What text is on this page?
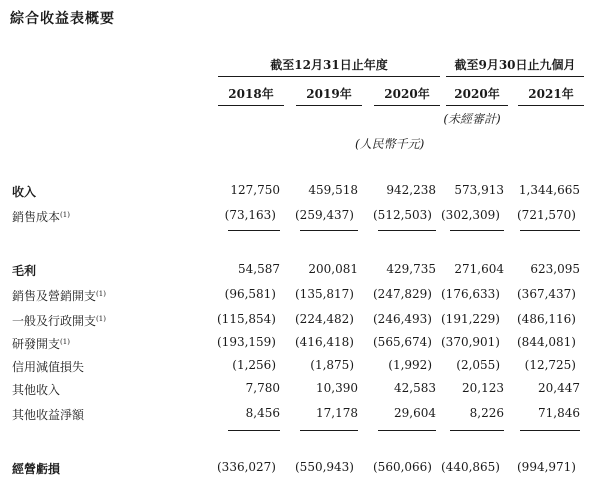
綜合收益表概要
截至12月31日止年度	截至9月30日止九個月
2018年	2019年	2020年	2020年	2021年
(未經審計)
(人民幣千元)
收入	127,750 459,518 942,238 573,913 1,344,665
銷售成本$^{(1)}$	(73,163) (259,437) (512,503) (302,309) (721,570)
毛利	54,587 200,081 429,735 271,604 623,095
銷售及營銷開支$^{(1)}$	(96,581) (135,817) (247,829) (176,633) (367,437)
一般及行政開支$^{(1)}$	(115,854) (224,482) (246,493) (191,229) (486,116)
研發開支$^{(1)}$	(193,159) (416,418) (565,674) (370,901) (844,081)
信用減值損失	(1,256)	(1,875)	(1,992) (2,055) (12,725)
其他收入	7,780	10,390	42,583 20,123	20,447
其他收益淨額	8,456	17,178	29,604	8,226	71,846
經營虧損	(336,027) (550,943) (560,066) (440,865) (994,971)
